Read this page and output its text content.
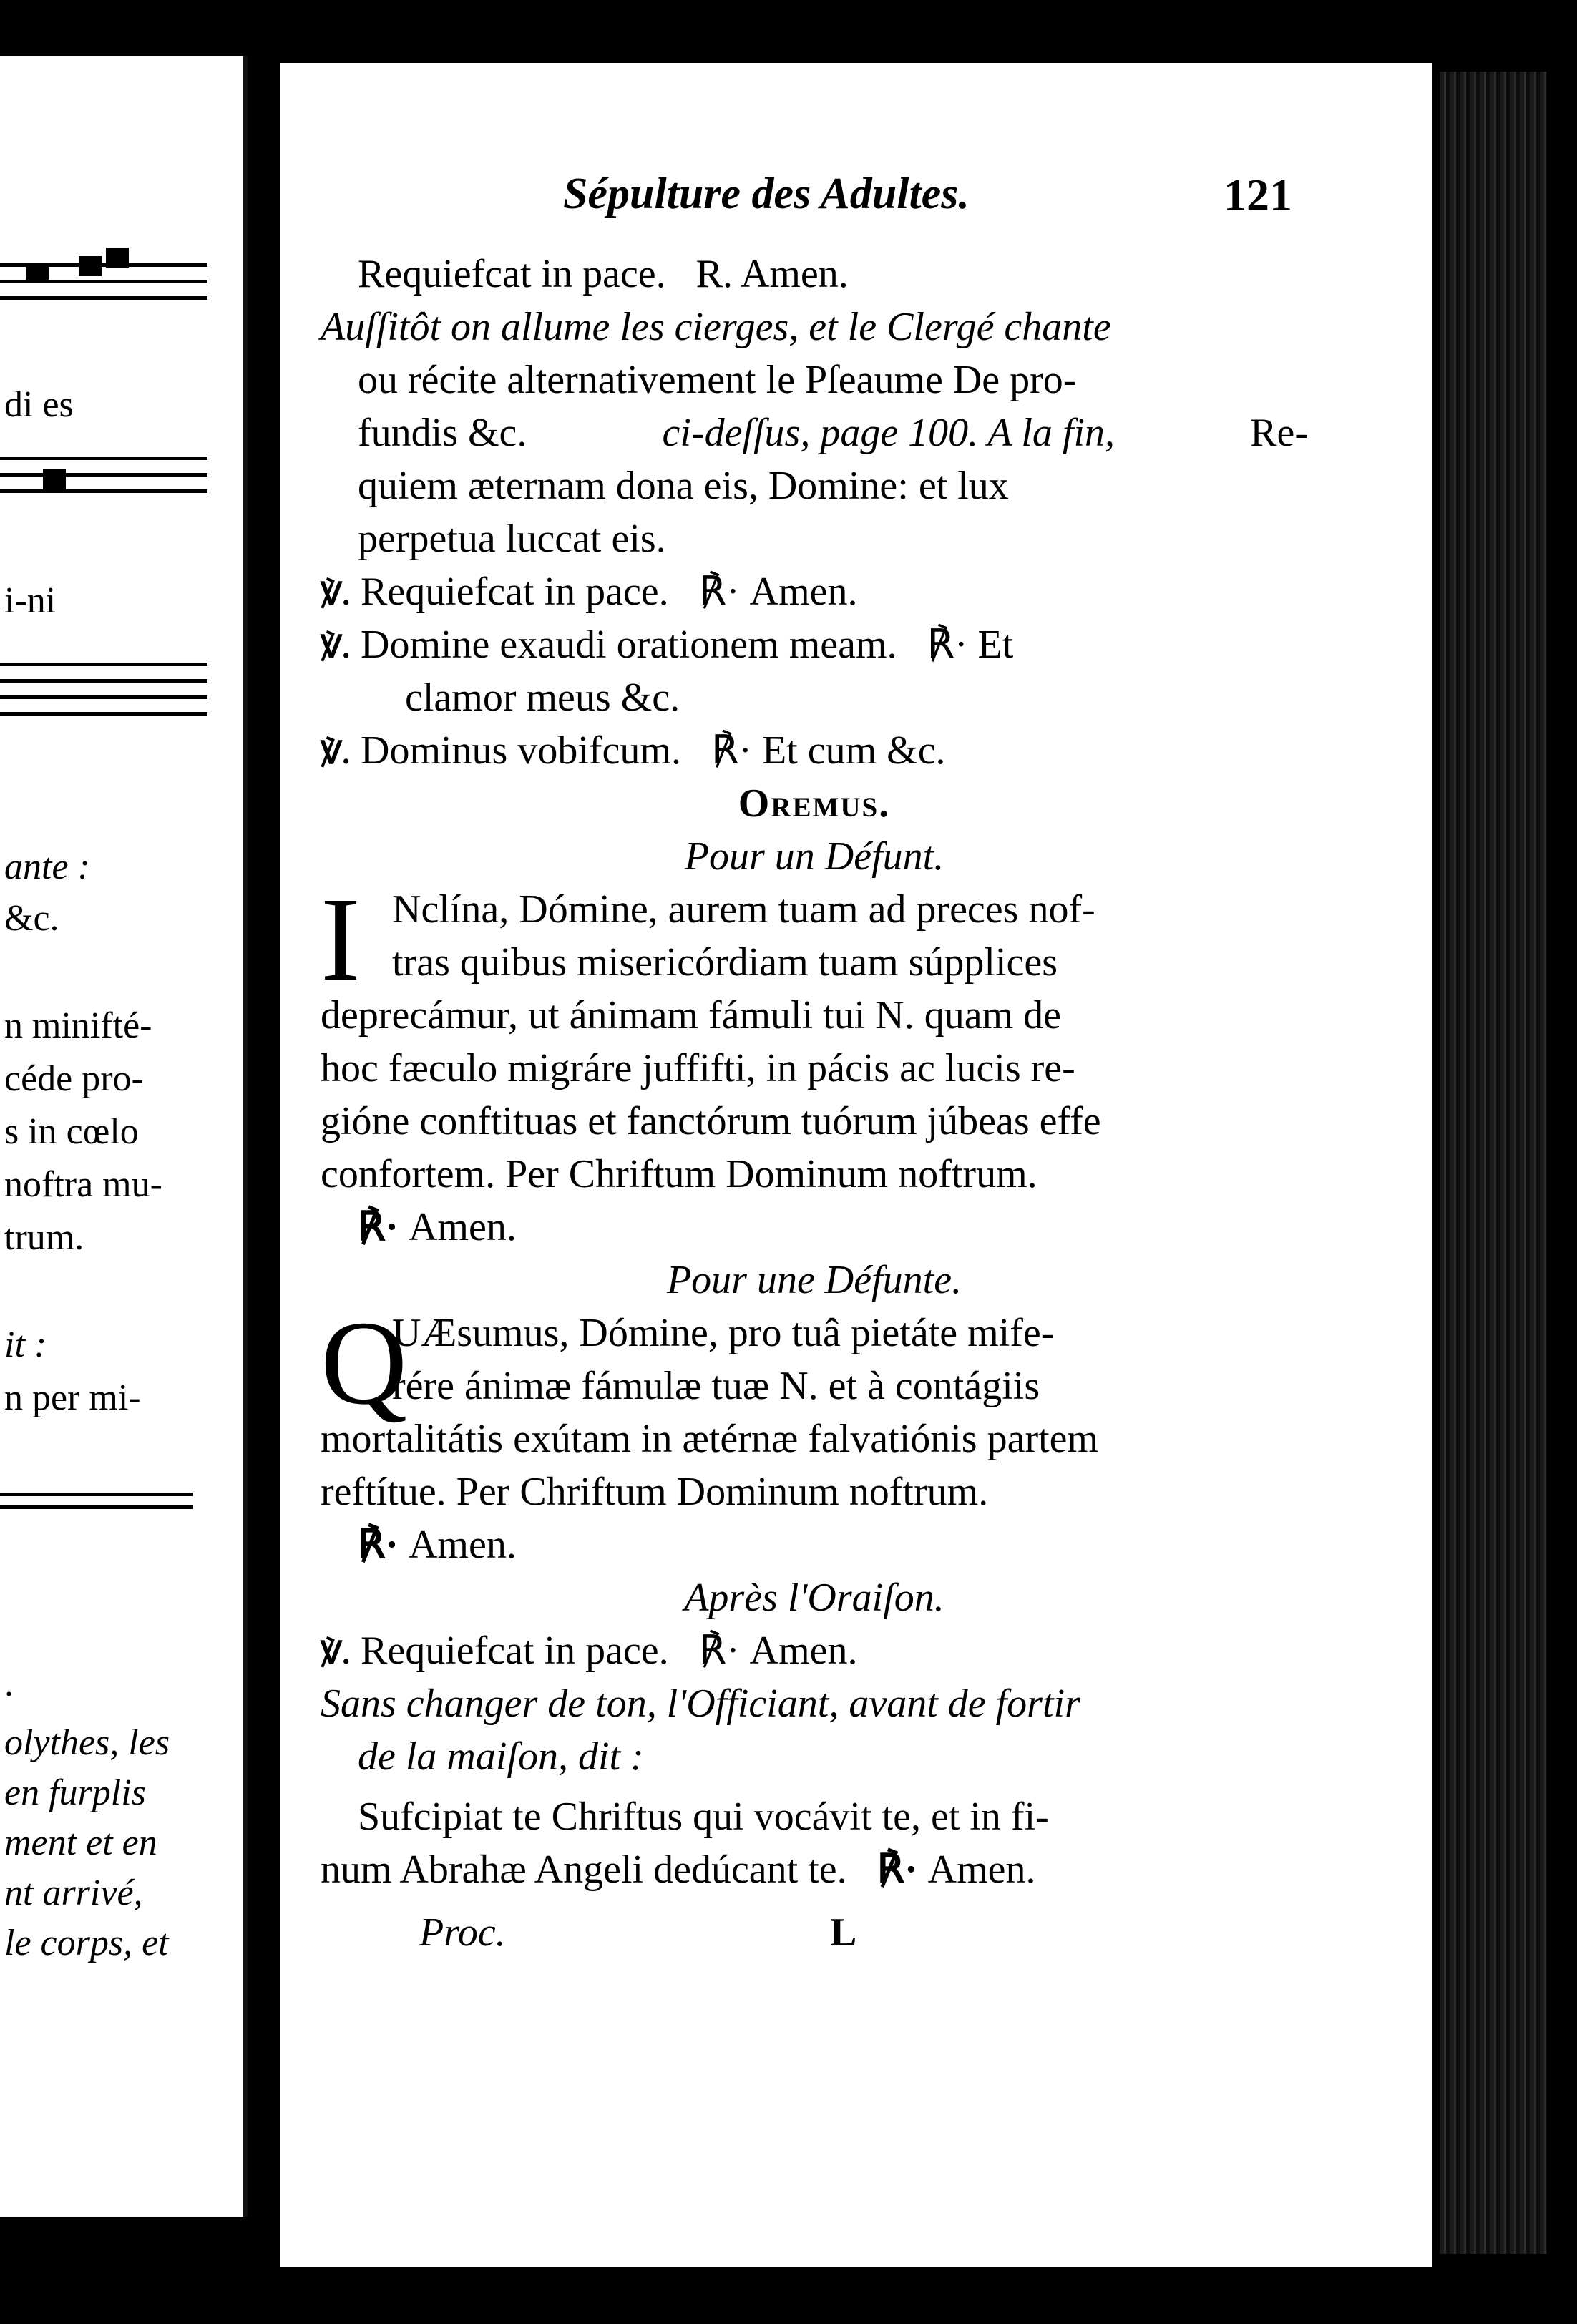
di es
i-ni
ante :
&c.
n minifté-
céde pro-
s in cœlo
noftra mu-
trum.
it :
n per mi-
.
olythes, les
en furplis
ment et en
nt arrivé,
le corps, et
Sépulture des Adultes.	121
Requiefcat in pace. R. Amen.
Auſſitôt on allume les cierges, et le Clergé chante
ou récite alternativement le Pſeaume De pro-
fundis &c.	ci-deſſus, page 100. A la fin,	Re-
quiem æternam dona eis, Domine: et lux
perpetua luccat eis.
℣. Requiefcat in pace. ℟· Amen.
℣. Domine exaudi orationem meam. ℟· Et
clamor meus &c.
℣. Dominus vobifcum. ℟· Et cum &c.
Oremus.
Pour un Défunt.
I Nclína, Dómine, aurem tuam ad preces nof-
tras quibus misericórdiam tuam súpplices
deprecámur, ut ánimam fámuli tui N. quam de
hoc fæculo migráre juffifti, in pácis ac lucis re-
gióne conftituas et fanctórum tuórum júbeas effe
confortem. Per Chriftum Dominum noftrum.
℟· Amen.
Pour une Défunte.
Q
UÆsumus, Dómine, pro tuâ pietáte mife-
rére ánimæ fámulæ tuæ N. et à contágiis
mortalitátis exútam in ætérnæ falvatiónis partem
reftítue. Per Chriftum Dominum noftrum.
℟· Amen.
Après l'Oraiſon.
℣. Requiefcat in pace. ℟· Amen.
Sans changer de ton, l'Officiant, avant de fortir
de la maiſon, dit :
Sufcipiat te Chriftus qui vocávit te, et in fi-
num Abrahæ Angeli dedúcant te. ℟· Amen.
Proc.	L
